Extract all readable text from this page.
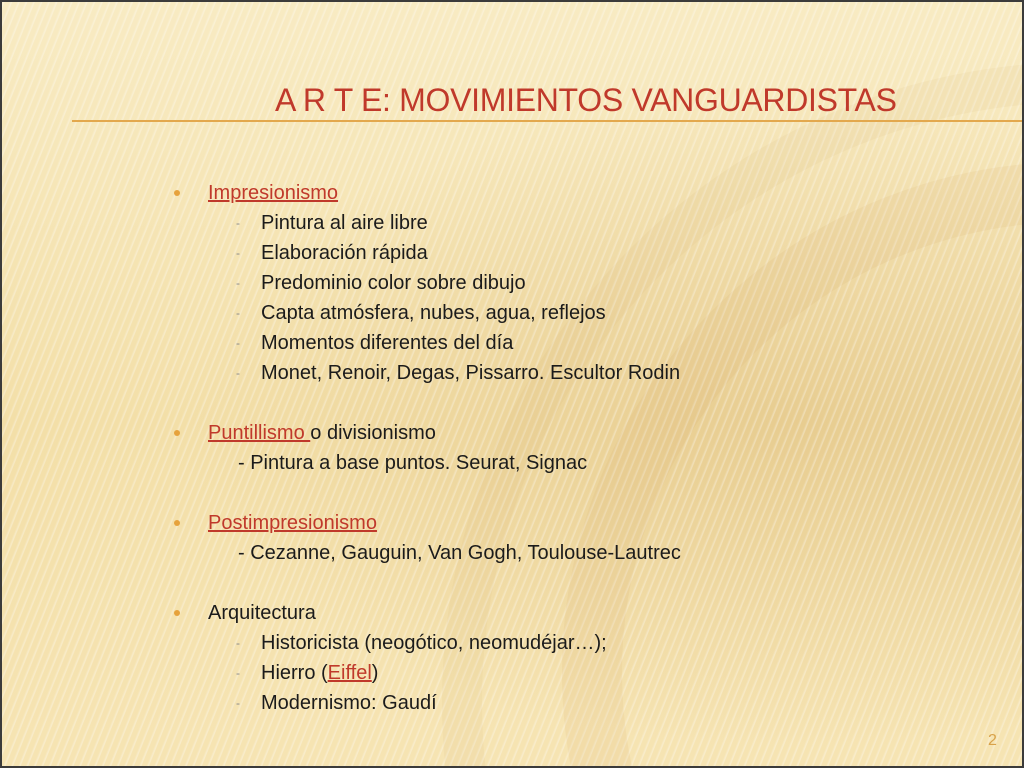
A R T E: MOVIMIENTOS VANGUARDISTAS
Impresionismo
- Pintura al aire libre
- Elaboración rápida
- Predominio color sobre dibujo
- Capta atmósfera, nubes, agua, reflejos
- Momentos diferentes del día
- Monet, Renoir, Degas, Pissarro. Escultor Rodin
Puntillismo o divisionismo
- Pintura a base puntos. Seurat, Signac
Postimpresionismo
- Cezanne, Gauguin, Van Gogh, Toulouse-Lautrec
Arquitectura
- Historicista (neogótico, neomudéjar…);
- Hierro (Eiffel)
- Modernismo: Gaudí
2
